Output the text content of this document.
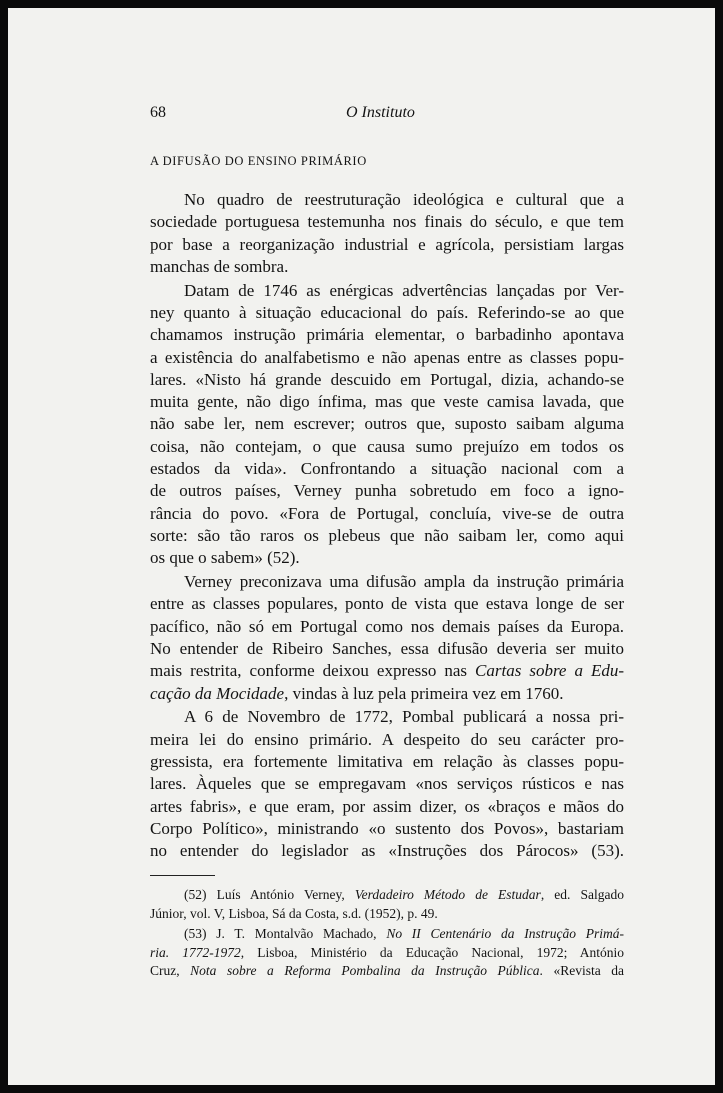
68	O Instituto
A DIFUSÃO DO ENSINO PRIMÁRIO
No quadro de reestruturação ideológica e cultural que a
sociedade portuguesa testemunha nos finais do século, e que tem
por base a reorganização industrial e agrícola, persistiam largas
manchas de sombra.
Datam de 1746 as enérgicas advertências lançadas por Ver-
ney quanto à situação educacional do país. Referindo-se ao que
chamamos instrução primária elementar, o barbadinho apontava
a existência do analfabetismo e não apenas entre as classes popu-
lares. «Nisto há grande descuido em Portugal, dizia, achando-se
muita gente, não digo ínfima, mas que veste camisa lavada, que
não sabe ler, nem escrever; outros que, suposto saibam alguma
coisa, não contejam, o que causa sumo prejuízo em todos os
estados da vida». Confrontando a situação nacional com a
de outros países, Verney punha sobretudo em foco a igno-
rância do povo. «Fora de Portugal, concluía, vive-se de outra
sorte: são tão raros os plebeus que não saibam ler, como aqui
os que o sabem» (52).
Verney preconizava uma difusão ampla da instrução primária
entre as classes populares, ponto de vista que estava longe de ser
pacífico, não só em Portugal como nos demais países da Europa.
No entender de Ribeiro Sanches, essa difusão deveria ser muito
mais restrita, conforme deixou expresso nas Cartas sobre a Edu-
cação da Mocidade, vindas à luz pela primeira vez em 1760.
A 6 de Novembro de 1772, Pombal publicará a nossa pri-
meira lei do ensino primário. A despeito do seu carácter pro-
gressista, era fortemente limitativa em relação às classes popu-
lares. Àqueles que se empregavam «nos serviços rústicos e nas
artes fabris», e que eram, por assim dizer, os «braços e mãos do
Corpo Político», ministrando «o sustento dos Povos», bastariam
no entender do legislador as «Instruções dos Párocos» (53).
(52) Luís António Verney, Verdadeiro Método de Estudar, ed. Salgado
Júnior, vol. V, Lisboa, Sá da Costa, s.d. (1952), p. 49.
(53) J. T. Montalvão Machado, No II Centenário da Instrução Primá-
ria. 1772-1972, Lisboa, Ministério da Educação Nacional, 1972; António
Cruz, Nota sobre a Reforma Pombalina da Instrução Pública. «Revista da
